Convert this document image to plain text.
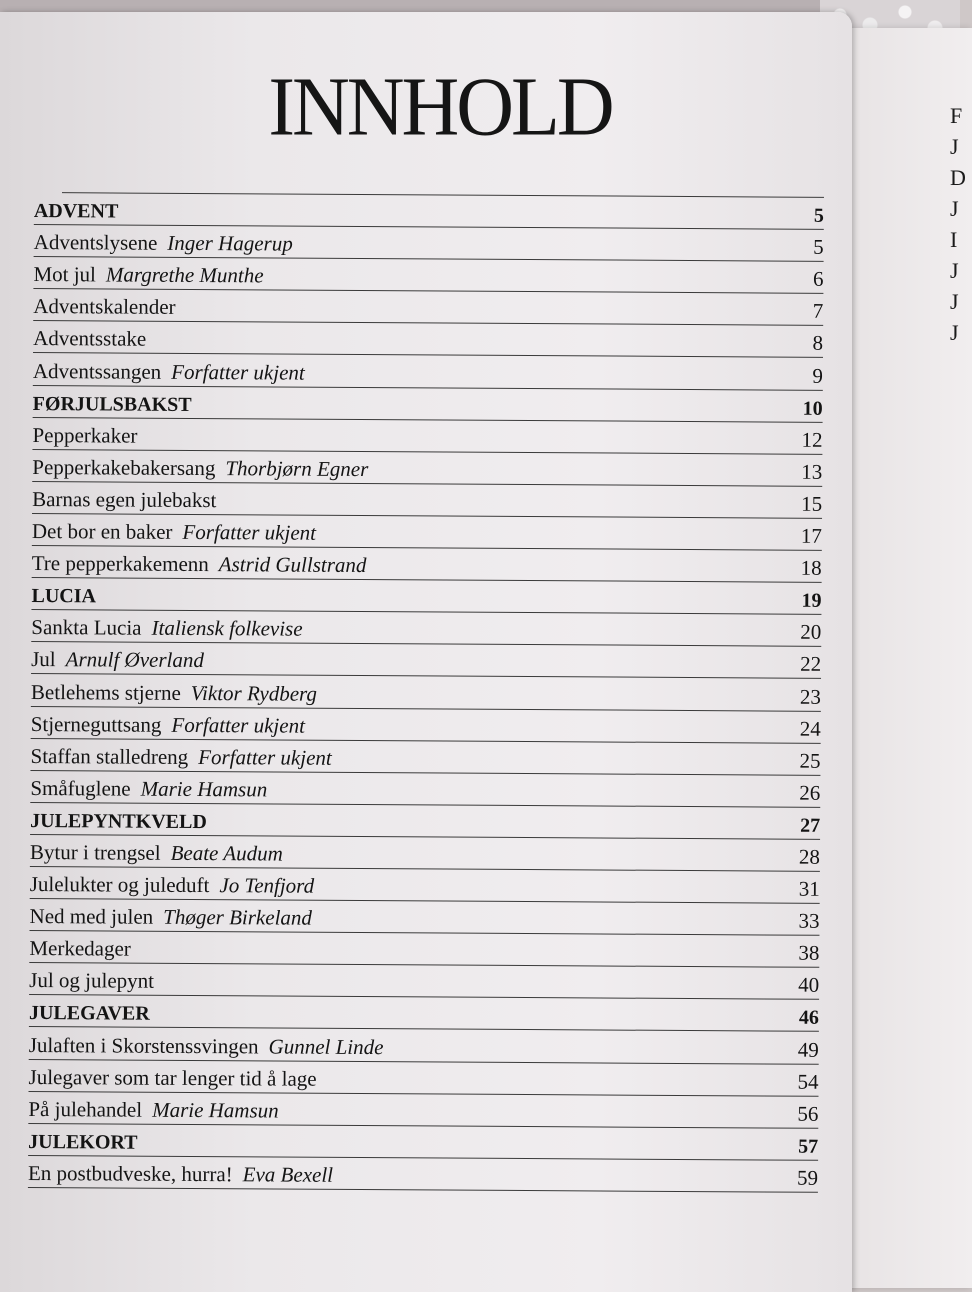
F
J
D
J
I
J
J
J
INNHOLD
ADVENT	5
Adventslysene Inger Hagerup	5
Mot jul Margrethe Munthe	6
Adventskalender	7
Adventsstake	8
Adventssangen Forfatter ukjent	9
FØRJULSBAKST	10
Pepperkaker	12
Pepperkakebakersang Thorbjørn Egner	13
Barnas egen julebakst	15
Det bor en baker Forfatter ukjent	17
Tre pepperkakemenn Astrid Gullstrand	18
LUCIA	19
Sankta Lucia Italiensk folkevise	20
Jul Arnulf Øverland	22
Betlehems stjerne Viktor Rydberg	23
Stjerneguttsang Forfatter ukjent	24
Staffan stalledreng Forfatter ukjent	25
Småfuglene Marie Hamsun	26
JULEPYNTKVELD	27
Bytur i trengsel Beate Audum	28
Julelukter og juleduft Jo Tenfjord	31
Ned med julen Thøger Birkeland	33
Merkedager	38
Jul og julepynt	40
JULEGAVER	46
Julaften i Skorstenssvingen Gunnel Linde	49
Julegaver som tar lenger tid å lage	54
På julehandel Marie Hamsun	56
JULEKORT	57
En postbudveske, hurra! Eva Bexell	59
